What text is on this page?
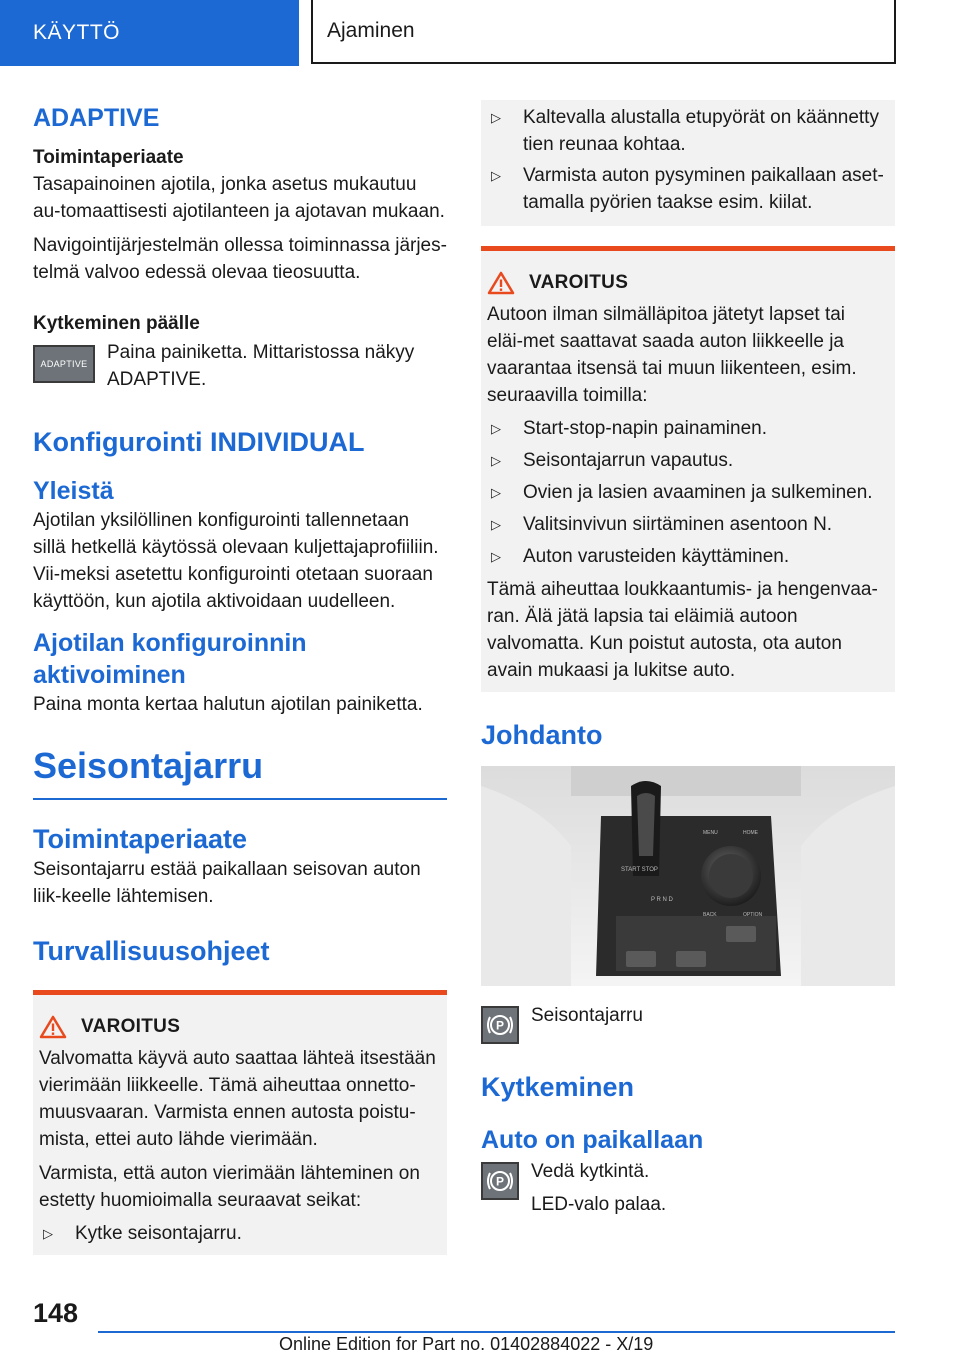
KÄYTTÖ	Ajaminen
ADAPTIVE
Toimintaperiaate

Tasapainoinen ajotila, jonka asetus mukautuu au-tomaattisesti ajotilanteen ja ajotavan mukaan.

Navigointijärjestelmän ollessa toiminnassa järjes-telmä valvoo edessä olevaa tieosuutta.

Kytkeminen päälle
ADAPTIVE

Paina painiketta. Mittaristossa näkyy ADAPTIVE.

Konfigurointi INDIVIDUAL
Yleistä

Ajotilan yksilöllinen konfigurointi tallennetaan sillä hetkellä käytössä olevaan kuljettajaprofiiliin. Vii-meksi asetettu konfigurointi otetaan suoraan käyttöön, kun ajotila aktivoidaan uudelleen.

Ajotilan konfiguroinnin aktivoiminen

Paina monta kertaa halutun ajotilan painiketta.

Seisontajarru
Toimintaperiaate

Seisontajarru estää paikallaan seisovan auton liik-keelle lähtemisen.

Turvallisuusohjeet
VAROITUS

Valvomatta käyvä auto saattaa lähteä itsestään vierimään liikkeelle. Tämä aiheuttaa onnetto-muusvaaran. Varmista ennen autosta poistu-mista, ettei auto lähde vierimään.

Varmista, että auton vierimään lähteminen on estetty huomioimalla seuraavat seikat:

▷	Kytke seisontajarru.

▷	Kaltevalla alustalla etupyörät on käännetty tien reunaa kohtaa.

▷	Varmista auton pysyminen paikallaan aset-tamalla pyörien taakse esim. kiilat.

VAROITUS

Autoon ilman silmälläpitoa jätetyt lapset tai eläi-met saattavat saada auton liikkeelle ja vaarantaa itsensä tai muun liikenteen, esim. seuraavilla toimilla:

▷	Start-stop-napin painaminen.

▷	Seisontajarrun vapautus.

▷	Ovien ja lasien avaaminen ja sulkeminen.

▷	Valitsinvivun siirtäminen asentoon N.

▷	Auton varusteiden käyttäminen.

Tämä aiheuttaa loukkaantumis- ja hengenvaa-ran. Älä jätä lapsia tai eläimiä autoon valvomatta. Kun poistut autosta, ota auton avain mukaasi ja lukitse auto.

Johdanto
START STOP
MENU	HOME
BACK	OPTION
P R N D
P Seisontajarru

Kytkeminen
Auto on paikallaan
P Vedä kytkintä.

LED-valo palaa.

148
Online Edition for Part no. 01402884022 - X/19
